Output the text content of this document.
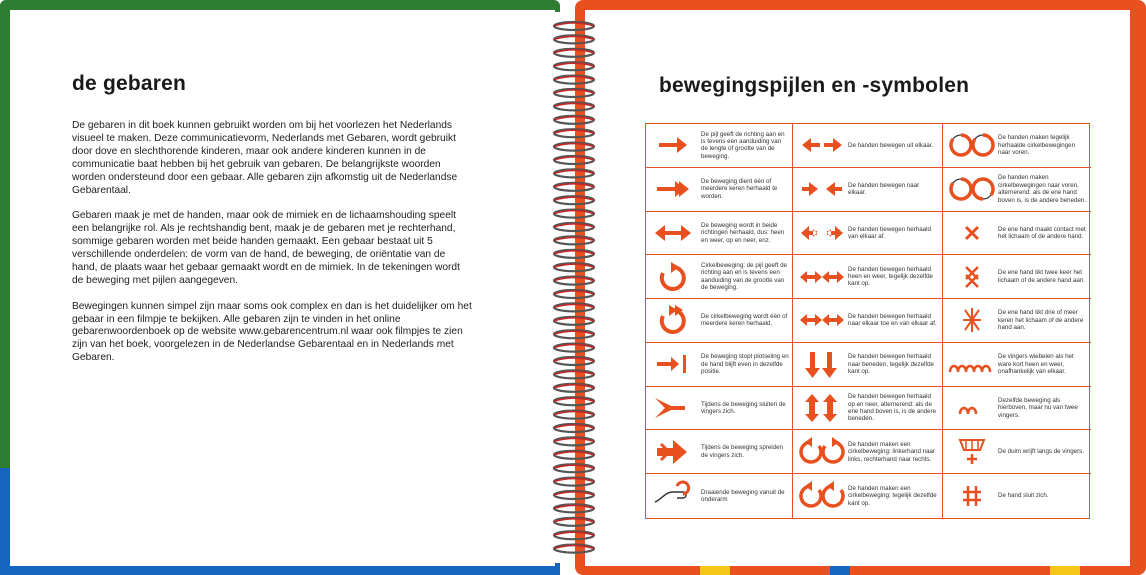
de gebaren

De gebaren in dit boek kunnen gebruikt worden om bij het voorlezen het Nederlands visueel te maken. Deze communicatievorm, Nederlands met Gebaren, wordt gebruikt door dove en slechthorende kinderen, maar ook andere kinderen kunnen in de communicatie baat hebben bij het gebruik van gebaren. De belangrijkste woorden worden ondersteund door een gebaar. Alle gebaren zijn afkomstig uit de Nederlandse Gebarentaal.

Gebaren maak je met de handen, maar ook de mimiek en de lichaamshouding speelt een belangrijke rol. Als je rechtshandig bent, maak je de gebaren met je rechterhand, sommige gebaren worden met beide handen gemaakt. Een gebaar bestaat uit 5 verschillende onderdelen: de vorm van de hand, de beweging, de oriëntatie van de hand, de plaats waar het gebaar gemaakt wordt en de mimiek. In de tekeningen wordt de beweging met pijlen aangegeven.

Bewegingen kunnen simpel zijn maar soms ook complex en dan is het duidelijker om het gebaar in een filmpje te bekijken. Alle gebaren zijn te vinden in het online gebarenwoordenboek op de website www.gebarencentrum.nl waar ook filmpjes te zien zijn van het boek, voorgelezen in de Nederlandse Gebarentaal en in Nederlands met Gebaren.

bewegingspijlen en -symbolen
De pijl geeft de richting aan en is tevens een aanduiding van de lengte of grootte van de beweging.
De handen bewegen uit elkaar.
De handen maken tegelijk herhaalde cirkelbewegingen naar voren.
De beweging dient één of meerdere keren herhaald te worden.
De handen bewegen naar elkaar.
De handen maken cirkelbewegingen naar voren, alternerend: als de ene hand boven is, is de andere beneden.
De beweging wordt in beide richtingen herhaald, dus: heen en weer, op en neer, enz.
De handen bewegen herhaald van elkaar af.
De ene hand maakt contact met het lichaam of de andere hand.
Cirkelbeweging: de pijl geeft de richting aan en is tevens een aanduiding van de grootte van de beweging.
De handen bewegen herhaald heen en weer, tegelijk dezelfde kant op.
De ene hand tikt twee keer het lichaam of de andere hand aan.
De cirkelbeweging wordt één of meerdere keren herhaald.
De handen bewegen herhaald naar elkaar toe en van elkaar af.
De ene hand tikt drie of meer keren het lichaam of de andere hand aan.
De beweging stopt plotseling en de hand blijft even in dezelfde positie.
De handen bewegen herhaald naar beneden, tegelijk dezelfde kant op.
De vingers wiebelen als het ware kort heen en weer, onafhankelijk van elkaar.
Tijdens de beweging sluiten de vingers zich.
De handen bewegen herhaald op en neer, alternerend: als de ene hand boven is, is de andere beneden.
Dezelfde beweging als hierboven, maar nu van twee vingers.
Tijdens de beweging spreiden de vingers zich.
De handen maken een cirkelbeweging: linkerhand naar links, rechterhand naar rechts.
De duim wrijft langs de vingers.
Draaiende beweging vanuit de onderarm
De handen maken een cirkelbeweging: tegelijk dezelfde kant op.
De hand sluit zich.
